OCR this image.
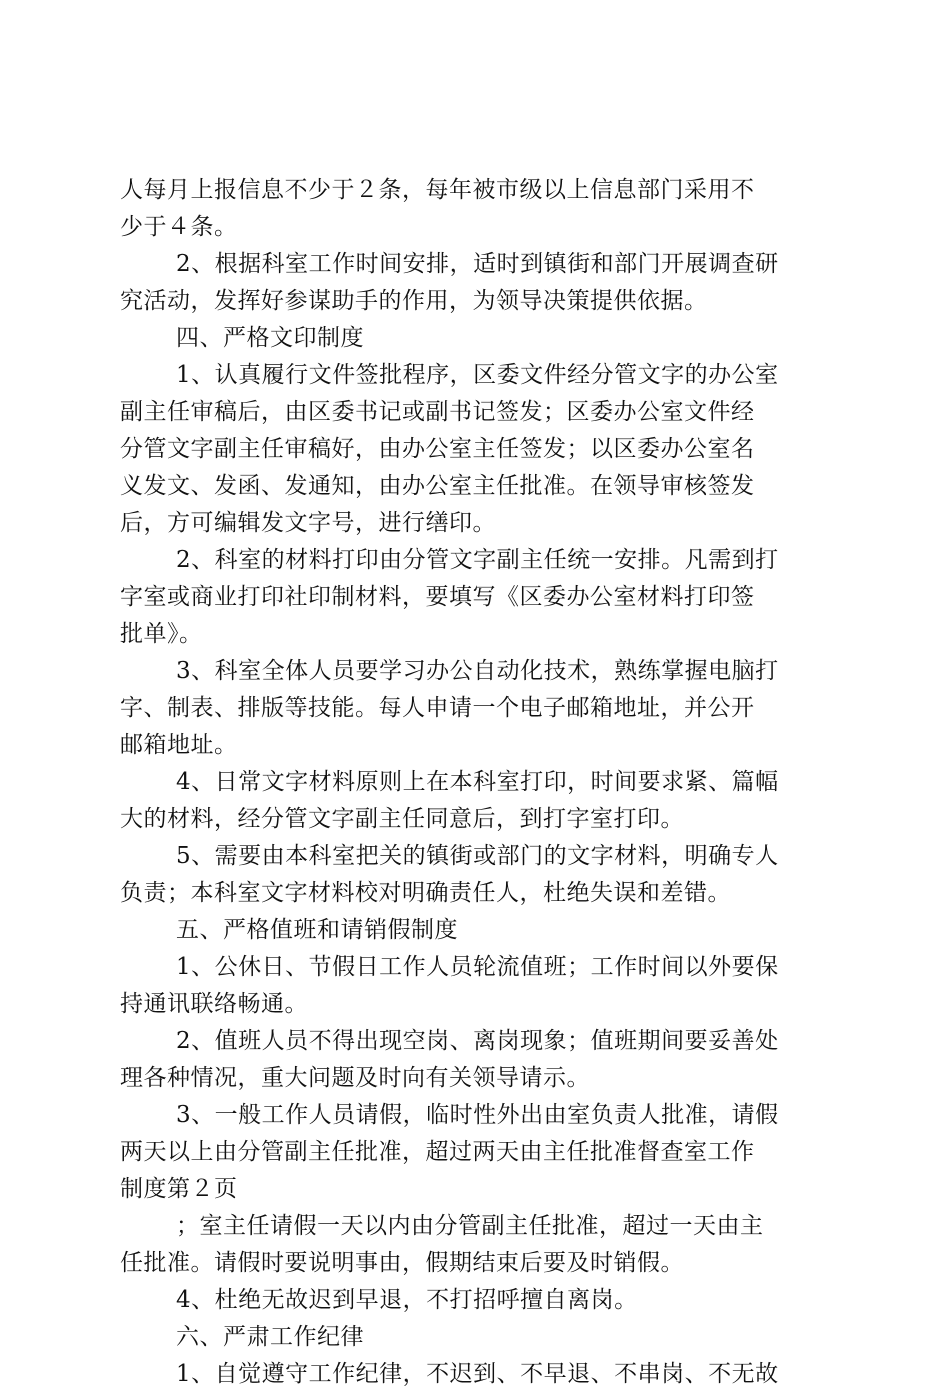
人每月上报信息不少于２条，每年被市级以上信息部门采用不
少于４条。
2、根据科室工作时间安排，适时到镇街和部门开展调查研
究活动，发挥好参谋助手的作用，为领导决策提供依据。
四、严格文印制度
1、认真履行文件签批程序，区委文件经分管文字的办公室
副主任审稿后，由区委书记或副书记签发；区委办公室文件经
分管文字副主任审稿好，由办公室主任签发；以区委办公室名
义发文、发函、发通知，由办公室主任批准。在领导审核签发
后，方可编辑发文字号，进行缮印。
2、科室的材料打印由分管文字副主任统一安排。凡需到打
字室或商业打印社印制材料，要填写《区委办公室材料打印签
批单》。
3、科室全体人员要学习办公自动化技术，熟练掌握电脑打
字、制表、排版等技能。每人申请一个电子邮箱地址，并公开
邮箱地址。
4、日常文字材料原则上在本科室打印，时间要求紧、篇幅
大的材料，经分管文字副主任同意后，到打字室打印。
5、需要由本科室把关的镇街或部门的文字材料，明确专人
负责；本科室文字材料校对明确责任人，杜绝失误和差错。
五、严格值班和请销假制度
1、公休日、节假日工作人员轮流值班；工作时间以外要保
持通讯联络畅通。
2、值班人员不得出现空岗、离岗现象；值班期间要妥善处
理各种情况，重大问题及时向有关领导请示。
3、一般工作人员请假，临时性外出由室负责人批准，请假
两天以上由分管副主任批准，超过两天由主任批准督查室工作
制度第２页
；室主任请假一天以内由分管副主任批准，超过一天由主
任批准。请假时要说明事由，假期结束后要及时销假。
4、杜绝无故迟到早退，不打招呼擅自离岗。
六、严肃工作纪律
1、自觉遵守工作纪律，不迟到、不早退、不串岗、不无故
